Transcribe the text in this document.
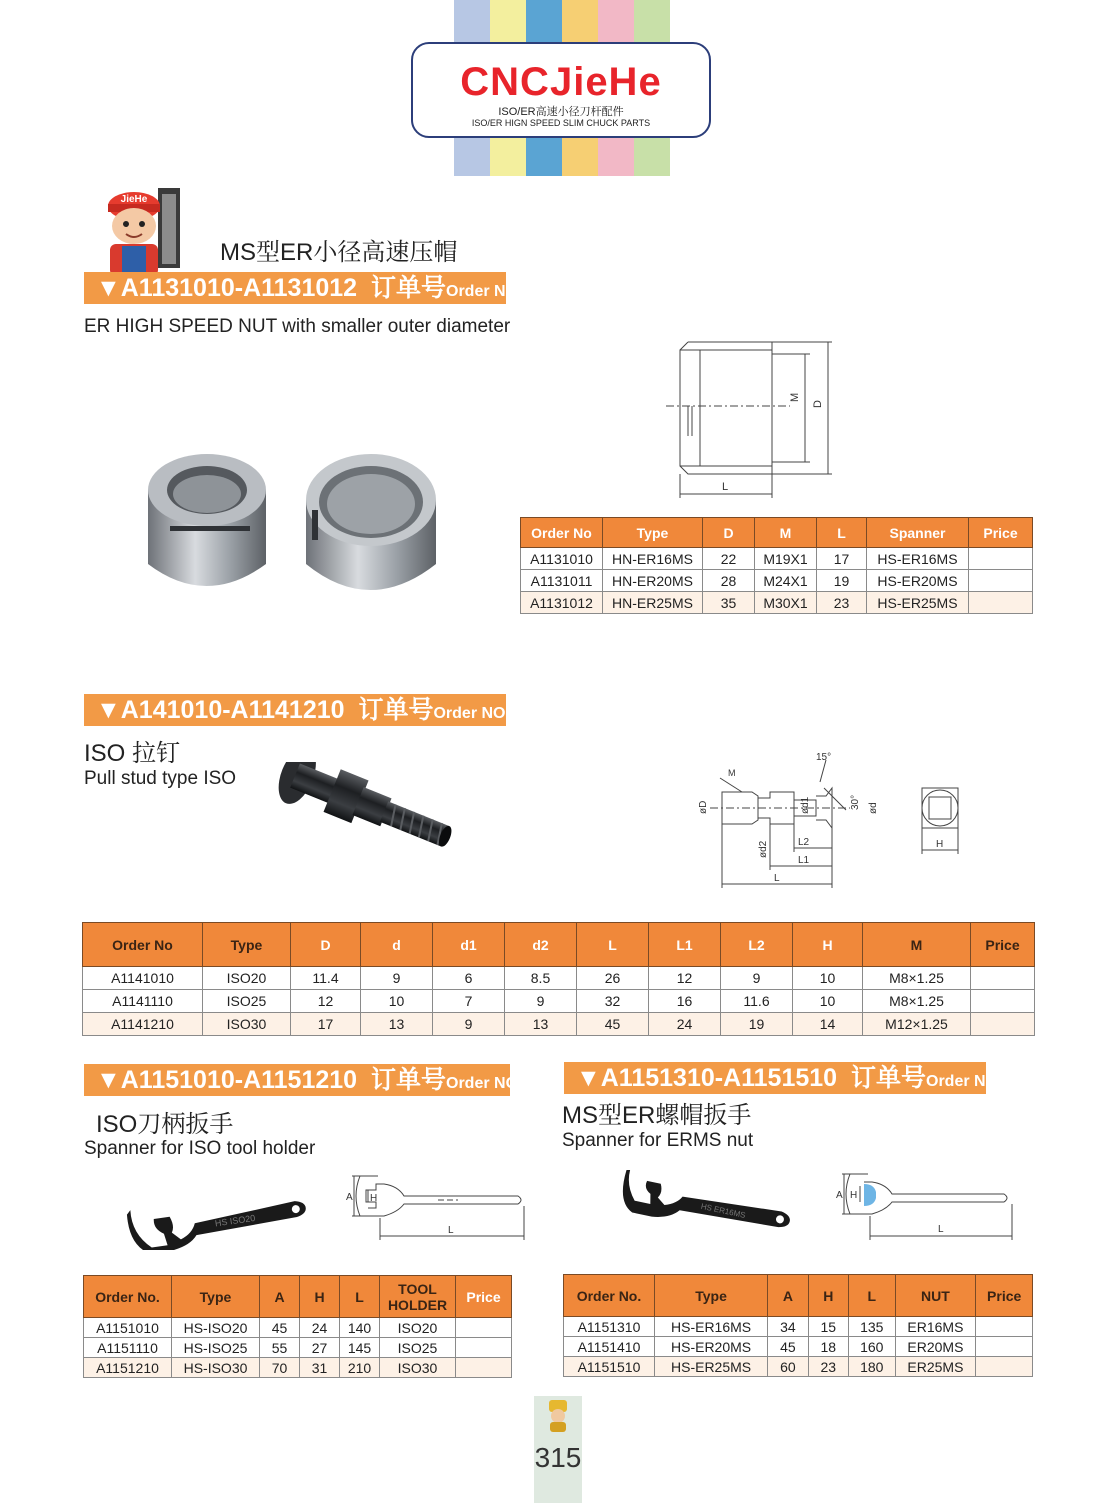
CNCJieHe
ISO/ER高速小径刀杆配件
ISO/ER HIGN SPEED SLIM CHUCK PARTS
JieHe
MS型ER小径高速压帽
▼A1131010-A1131012 订单号Order NO.
ER HIGH SPEED NUT with smaller outer diameter
M
D
L
Order No	Type	D	M	L	Spanner	Price
A1131010	HN-ER16MS	22	M19X1	17	HS-ER16MS	
A1131011	HN-ER20MS	28	M24X1	19	HS-ER20MS	
A1131012	HN-ER25MS	35	M30X1	23	HS-ER25MS	
▼A141010-A1141210 订单号Order NO.
ISO 拉钉
Pull stud type ISO
15°
30°
M
øD	ød1	ød
ød2	L2
L1
L
H
Order No	Type	D	d	d1	d2	L	L1	L2	H	M	Price
A1141010	ISO20	11.4	9	6	8.5	26	12	9	10	M8×1.25	
A1141110	ISO25	12	10	7	9	32	16	11.6	10	M8×1.25	
A1141210	ISO30	17	13	9	13	45	24	19	14	M12×1.25	
▼A1151010-A1151210 订单号Order NO.
ISO刀柄扳手
Spanner for ISO tool holder
HS ISO20
A H
L
Order No.	Type	A	H	L	TOOL HOLDER	Price
A1151010	HS-ISO20	45	24	140	ISO20	
A1151110	HS-ISO25	55	27	145	ISO25	
A1151210	HS-ISO30	70	31	210	ISO30	
▼A1151310-A1151510 订单号Order NO.
MS型ER螺帽扳手
Spanner for ERMS nut
HS ER16MS
A H
L
Order No.	Type	A	H	L	NUT	Price
A1151310	HS-ER16MS	34	15	135	ER16MS	
A1151410	HS-ER20MS	45	18	160	ER20MS	
A1151510	HS-ER25MS	60	23	180	ER25MS	
315
